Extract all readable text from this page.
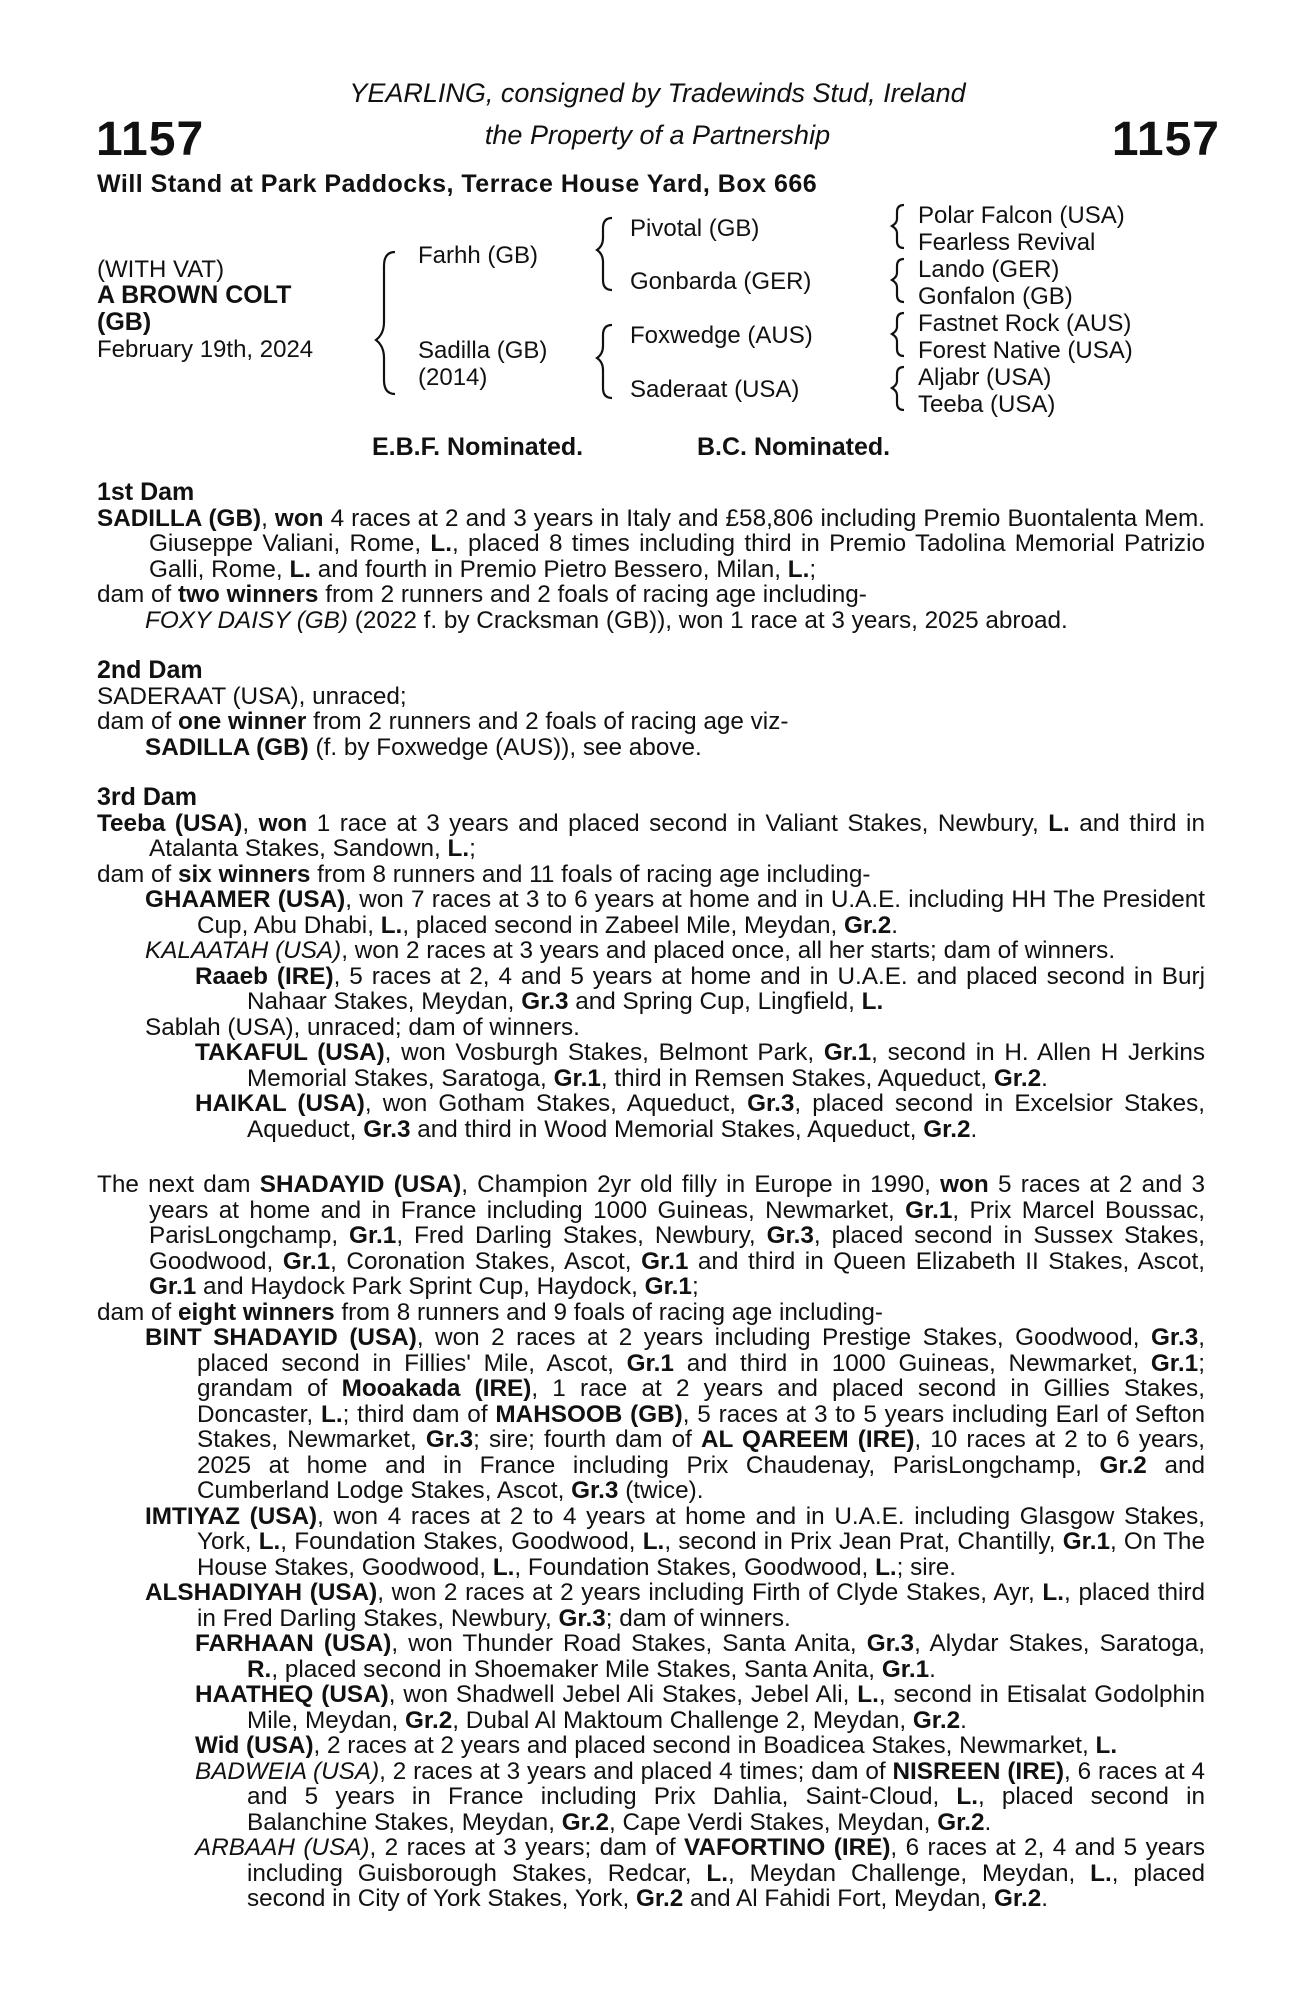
1157	1157
YEARLING, consigned by Tradewinds Stud, Ireland
the Property of a Partnership
Will Stand at Park Paddocks, Terrace House Yard, Box 666
(WITH VAT)
A BROWN COLT
(GB)
February 19th, 2024
Farhh (GB)
Sadilla (GB)
(2014)
Pivotal (GB)
Gonbarda (GER)
Foxwedge (AUS)
Saderaat (USA)
Polar Falcon (USA)
Fearless Revival
Lando (GER)
Gonfalon (GB)
Fastnet Rock (AUS)
Forest Native (USA)
Aljabr (USA)
Teeba (USA)
E.B.F. Nominated.	B.C. Nominated.

1st Dam

SADILLA (GB), won 4 races at 2 and 3 years in Italy and £58,806 including Premio Buontalenta Mem. Giuseppe Valiani, Rome, L., placed 8 times including third in Premio Tadolina Memorial Patrizio Galli, Rome, L. and fourth in Premio Pietro Bessero, Milan, L.;

dam of two winners from 2 runners and 2 foals of racing age including-

FOXY DAISY (GB) (2022 f. by Cracksman (GB)), won 1 race at 3 years, 2025 abroad.

2nd Dam

SADERAAT (USA), unraced;

dam of one winner from 2 runners and 2 foals of racing age viz-

SADILLA (GB) (f. by Foxwedge (AUS)), see above.

3rd Dam

Teeba (USA), won 1 race at 3 years and placed second in Valiant Stakes, Newbury, L. and third in Atalanta Stakes, Sandown, L.;

dam of six winners from 8 runners and 11 foals of racing age including-

GHAAMER (USA), won 7 races at 3 to 6 years at home and in U.A.E. including HH The President Cup, Abu Dhabi, L., placed second in Zabeel Mile, Meydan, Gr.2.

KALAATAH (USA), won 2 races at 3 years and placed once, all her starts; dam of winners.

Raaeb (IRE), 5 races at 2, 4 and 5 years at home and in U.A.E. and placed second in Burj Nahaar Stakes, Meydan, Gr.3 and Spring Cup, Lingfield, L.

Sablah (USA), unraced; dam of winners.

TAKAFUL (USA), won Vosburgh Stakes, Belmont Park, Gr.1, second in H. Allen H Jerkins Memorial Stakes, Saratoga, Gr.1, third in Remsen Stakes, Aqueduct, Gr.2.

HAIKAL (USA), won Gotham Stakes, Aqueduct, Gr.3, placed second in Excelsior Stakes, Aqueduct, Gr.3 and third in Wood Memorial Stakes, Aqueduct, Gr.2.

The next dam SHADAYID (USA), Champion 2yr old filly in Europe in 1990, won 5 races at 2 and 3 years at home and in France including 1000 Guineas, Newmarket, Gr.1, Prix Marcel Boussac, ParisLongchamp, Gr.1, Fred Darling Stakes, Newbury, Gr.3, placed second in Sussex Stakes, Goodwood, Gr.1, Coronation Stakes, Ascot, Gr.1 and third in Queen Elizabeth II Stakes, Ascot, Gr.1 and Haydock Park Sprint Cup, Haydock, Gr.1;

dam of eight winners from 8 runners and 9 foals of racing age including-

BINT SHADAYID (USA), won 2 races at 2 years including Prestige Stakes, Goodwood, Gr.3, placed second in Fillies' Mile, Ascot, Gr.1 and third in 1000 Guineas, Newmarket, Gr.1; grandam of Mooakada (IRE), 1 race at 2 years and placed second in Gillies Stakes, Doncaster, L.; third dam of MAHSOOB (GB), 5 races at 3 to 5 years including Earl of Sefton Stakes, Newmarket, Gr.3; sire; fourth dam of AL QAREEM (IRE), 10 races at 2 to 6 years, 2025 at home and in France including Prix Chaudenay, ParisLongchamp, Gr.2 and Cumberland Lodge Stakes, Ascot, Gr.3 (twice).

IMTIYAZ (USA), won 4 races at 2 to 4 years at home and in U.A.E. including Glasgow Stakes, York, L., Foundation Stakes, Goodwood, L., second in Prix Jean Prat, Chantilly, Gr.1, On The House Stakes, Goodwood, L., Foundation Stakes, Goodwood, L.; sire.

ALSHADIYAH (USA), won 2 races at 2 years including Firth of Clyde Stakes, Ayr, L., placed third in Fred Darling Stakes, Newbury, Gr.3; dam of winners.

FARHAAN (USA), won Thunder Road Stakes, Santa Anita, Gr.3, Alydar Stakes, Saratoga, R., placed second in Shoemaker Mile Stakes, Santa Anita, Gr.1.

HAATHEQ (USA), won Shadwell Jebel Ali Stakes, Jebel Ali, L., second in Etisalat Godolphin Mile, Meydan, Gr.2, Dubal Al Maktoum Challenge 2, Meydan, Gr.2.

Wid (USA), 2 races at 2 years and placed second in Boadicea Stakes, Newmarket, L.

BADWEIA (USA), 2 races at 3 years and placed 4 times; dam of NISREEN (IRE), 6 races at 4 and 5 years in France including Prix Dahlia, Saint-Cloud, L., placed second in Balanchine Stakes, Meydan, Gr.2, Cape Verdi Stakes, Meydan, Gr.2.

ARBAAH (USA), 2 races at 3 years; dam of VAFORTINO (IRE), 6 races at 2, 4 and 5 years including Guisborough Stakes, Redcar, L., Meydan Challenge, Meydan, L., placed second in City of York Stakes, York, Gr.2 and Al Fahidi Fort, Meydan, Gr.2.
